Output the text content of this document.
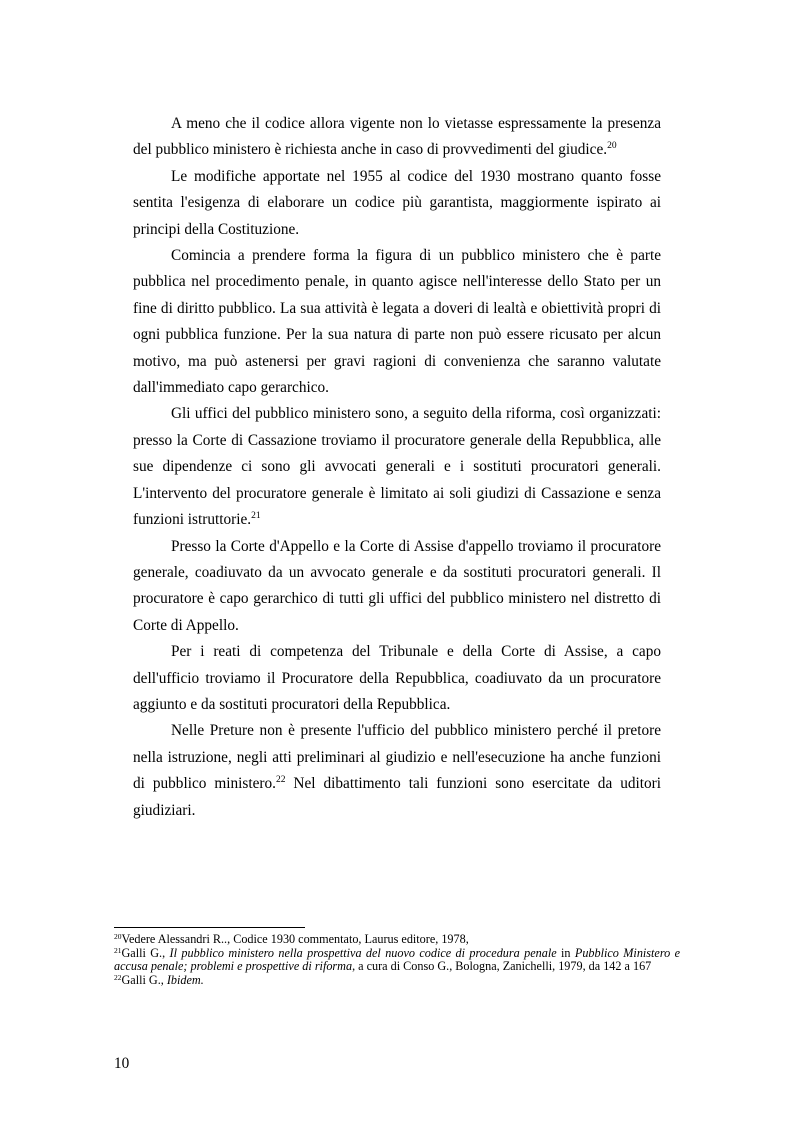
A meno che il codice allora vigente non lo vietasse espressamente la presenza del pubblico ministero è richiesta anche in caso di provvedimenti del giudice.$^{20}$

Le modifiche apportate nel 1955 al codice del 1930 mostrano quanto fosse sentita l'esigenza di elaborare un codice più garantista, maggiormente ispirato ai principi della Costituzione.

Comincia a prendere forma la figura di un pubblico ministero che è parte pubblica nel procedimento penale, in quanto agisce nell'interesse dello Stato per un fine di diritto pubblico. La sua attività è legata a doveri di lealtà e obiettività propri di ogni pubblica funzione. Per la sua natura di parte non può essere ricusato per alcun motivo, ma può astenersi per gravi ragioni di convenienza che saranno valutate dall'immediato capo gerarchico.

Gli uffici del pubblico ministero sono, a seguito della riforma, così organizzati: presso la Corte di Cassazione troviamo il procuratore generale della Repubblica, alle sue dipendenze ci sono gli avvocati generali e i sostituti procuratori generali. L'intervento del procuratore generale è limitato ai soli giudizi di Cassazione e senza funzioni istruttorie.$^{21}$

Presso la Corte d'Appello e la Corte di Assise d'appello troviamo il procuratore generale, coadiuvato da un avvocato generale e da sostituti procuratori generali. Il procuratore è capo gerarchico di tutti gli uffici del pubblico ministero nel distretto di Corte di Appello.

Per i reati di competenza del Tribunale e della Corte di Assise, a capo dell'ufficio troviamo il Procuratore della Repubblica, coadiuvato da un procuratore aggiunto e da sostituti procuratori della Repubblica.

Nelle Preture non è presente l'ufficio del pubblico ministero perché il pretore nella istruzione, negli atti preliminari al giudizio e nell'esecuzione ha anche funzioni di pubblico ministero.$^{22}$ Nel dibattimento tali funzioni sono esercitate da uditori giudiziari.

$^{20}$Vedere Alessandri R.., Codice 1930 commentato, Laurus editore, 1978,

$^{21}$Galli G., Il pubblico ministero nella prospettiva del nuovo codice di procedura penale in Pubblico Ministero e accusa penale; problemi e prospettive di riforma, a cura di Conso G., Bologna, Zanichelli, 1979, da 142 a 167

$^{22}$Galli G., Ibidem.

10
